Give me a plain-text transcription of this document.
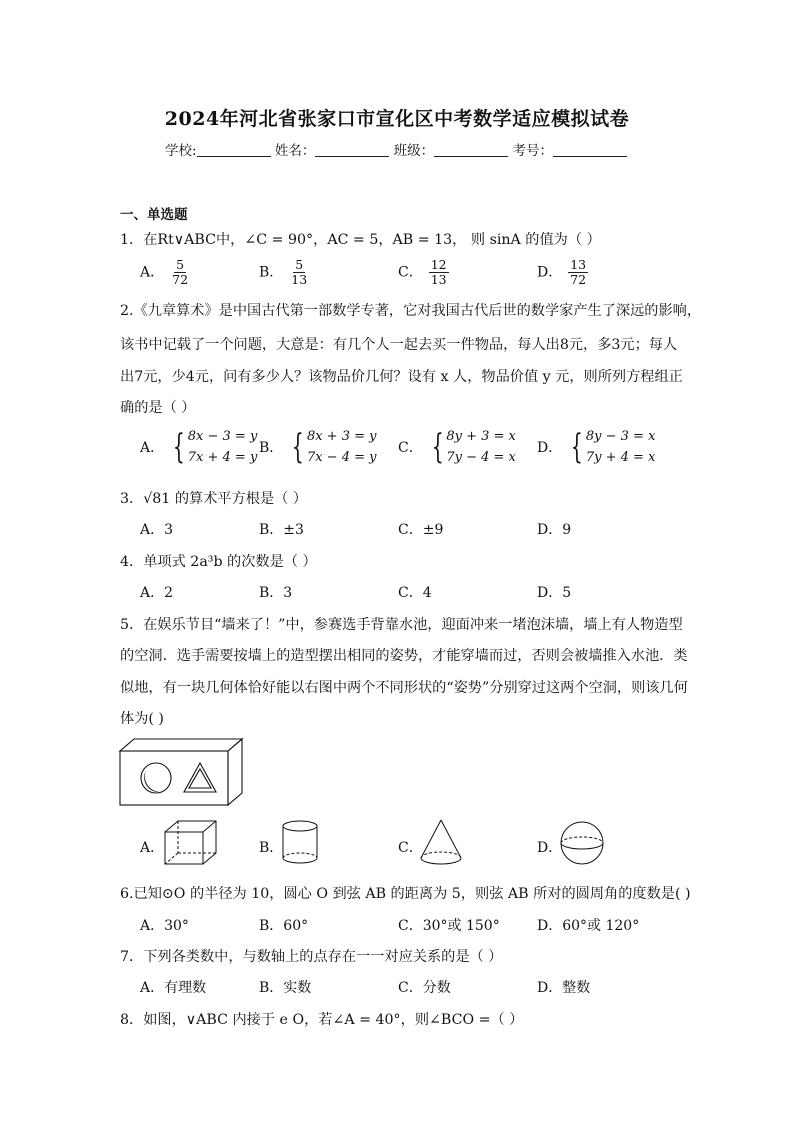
2024年河北省张家口市宣化区中考数学适应模拟试卷
学校:	姓名：	班级：	考号：
一、单选题
1．在Rt∨ABC中，∠C = 90°，AC = 5，AB = 13， 则 sinA 的值为（ ）
A． $\frac{5}{72}$	B． $\frac{5}{13}$	C． $\frac{12}{13}$	D． $\frac{13}{72}$
2.《九章算术》是中国古代第一部数学专著，它对我国古代后世的数学家产生了深远的影响，
该书中记载了一个问题，大意是：有几个人一起去买一件物品，每人出8元，多3元；每人
出7元，少4元，问有多少人？该物品价几何？设有 x 人，物品价值 y 元，则所列方程组正
确的是（ ）
A． { 8x − 3 = y
7x + 4 = y
B． { 8x + 3 = y
7x − 4 = y
C． { 8y + 3 = x
7y − 4 = x
D． { 8y − 3 = x
7y + 4 = x
3．√81 的算术平方根是（ ）
A．3	B．±3	C．±9	D．9
4．单项式 2a³b 的次数是（ ）
A．2	B．3	C．4	D．5
5．在娱乐节目“墙来了！”中，参赛选手背靠水池，迎面冲来一堵泡沫墙，墙上有人物造型
的空洞．选手需要按墙上的造型摆出相同的姿势，才能穿墙而过，否则会被墙推入水池．类
似地，有一块几何体恰好能以右图中两个不同形状的“姿势”分别穿过这两个空洞，则该几何
体为( )
A．	B．	C．	D．
6.已知⊙O 的半径为 10，圆心 O 到弦 AB 的距离为 5，则弦 AB 所对的圆周角的度数是( )
A．30°	B．60°	C．30°或 150°	D．60°或 120°
7．下列各类数中，与数轴上的点存在一一对应关系的是（ ）
A．有理数	B．实数	C．分数	D．整数
8．如图，∨ABC 内接于 e O，若∠A = 40°，则∠BCO =（ ）
